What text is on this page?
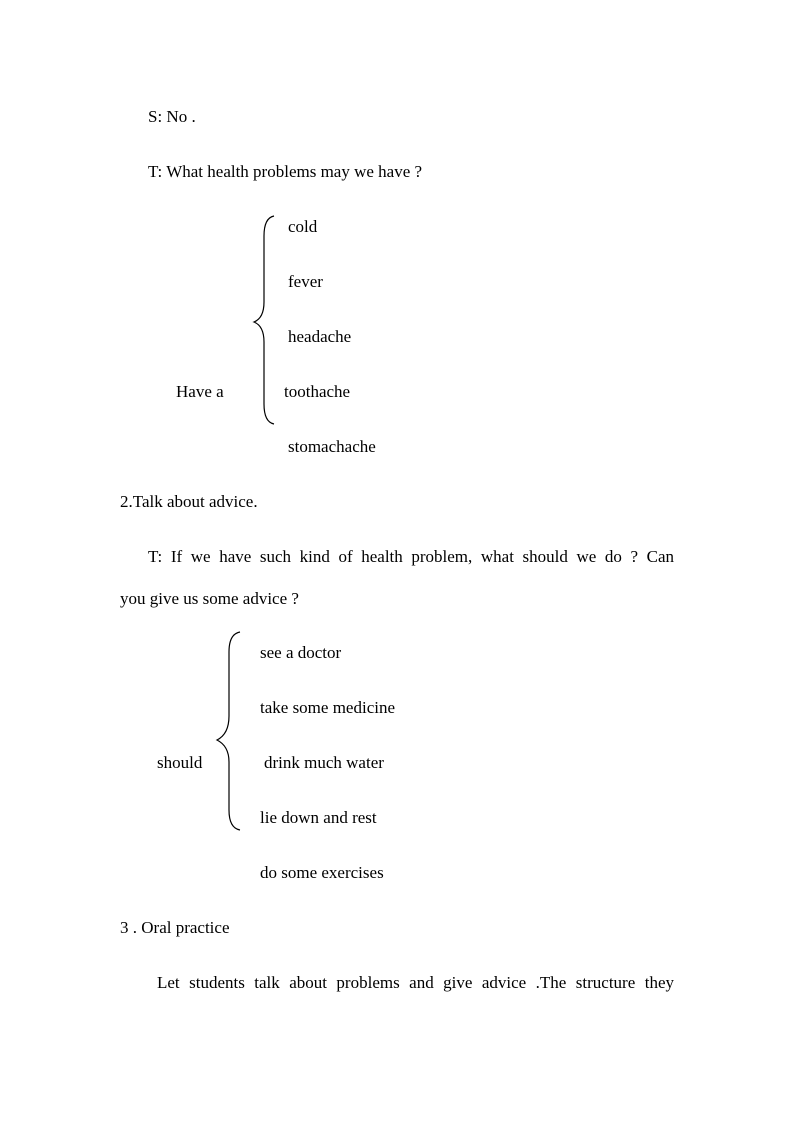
S: No .
T: What health problems may we have ?
cold
fever
headache
Have a	toothache
stomachache
2.Talk about advice.
T: If we have such kind of health problem, what should we do ? Can
you give us some advice ?
see a doctor
take some medicine
should	drink much water
lie down and rest
do some exercises
3 . Oral practice
Let students talk about problems and give advice .The structure they
